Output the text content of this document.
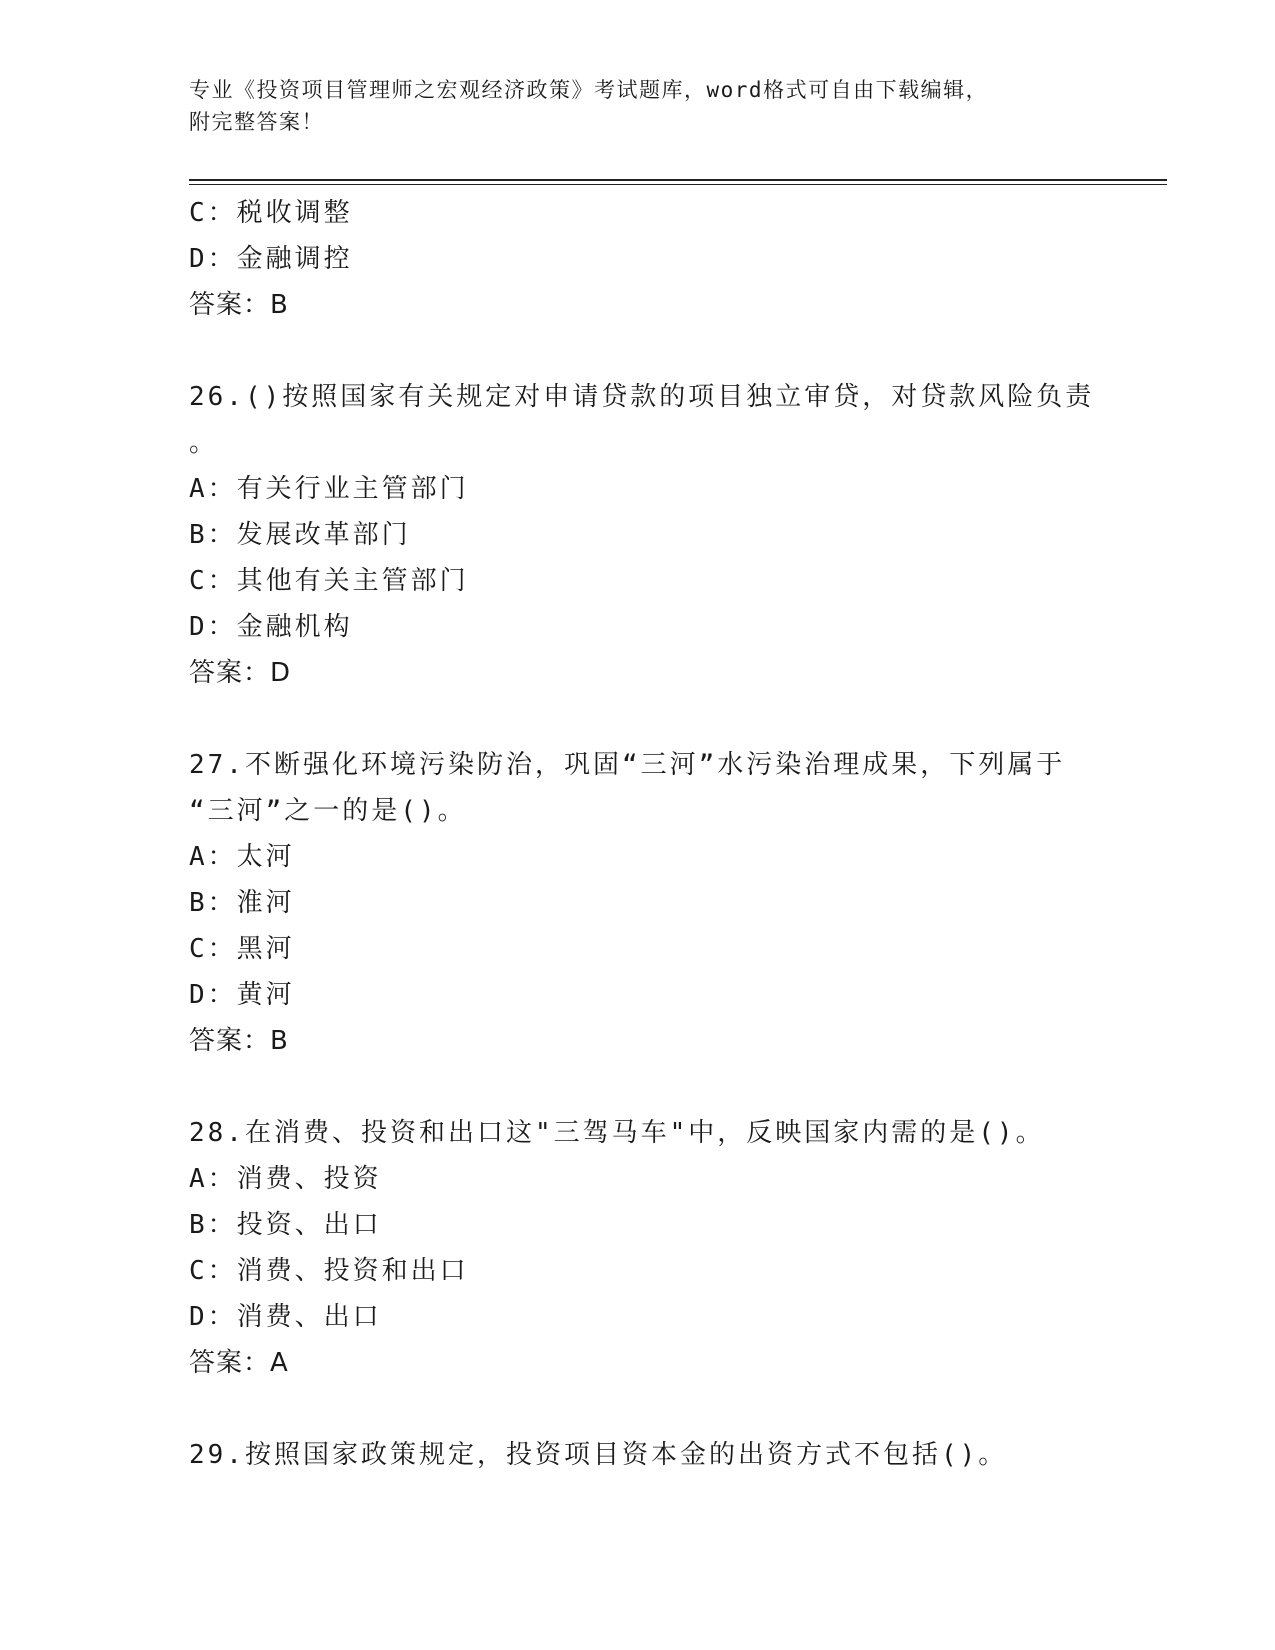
专业《投资项目管理师之宏观经济政策》考试题库，word格式可自由下载编辑，
附完整答案！
C：税收调整
D：金融调控
答案：B
26.()按照国家有关规定对申请贷款的项目独立审贷，对贷款风险负责
。
A：有关行业主管部门
B：发展改革部门
C：其他有关主管部门
D：金融机构
答案：D
27.不断强化环境污染防治，巩固“三河”水污染治理成果，下列属于
“三河”之一的是()。
A：太河
B：淮河
C：黑河
D：黄河
答案：B
28.在消费、投资和出口这"三驾马车"中，反映国家内需的是()。
A：消费、投资
B：投资、出口
C：消费、投资和出口
D：消费、出口
答案：A
29.按照国家政策规定，投资项目资本金的出资方式不包括()。
